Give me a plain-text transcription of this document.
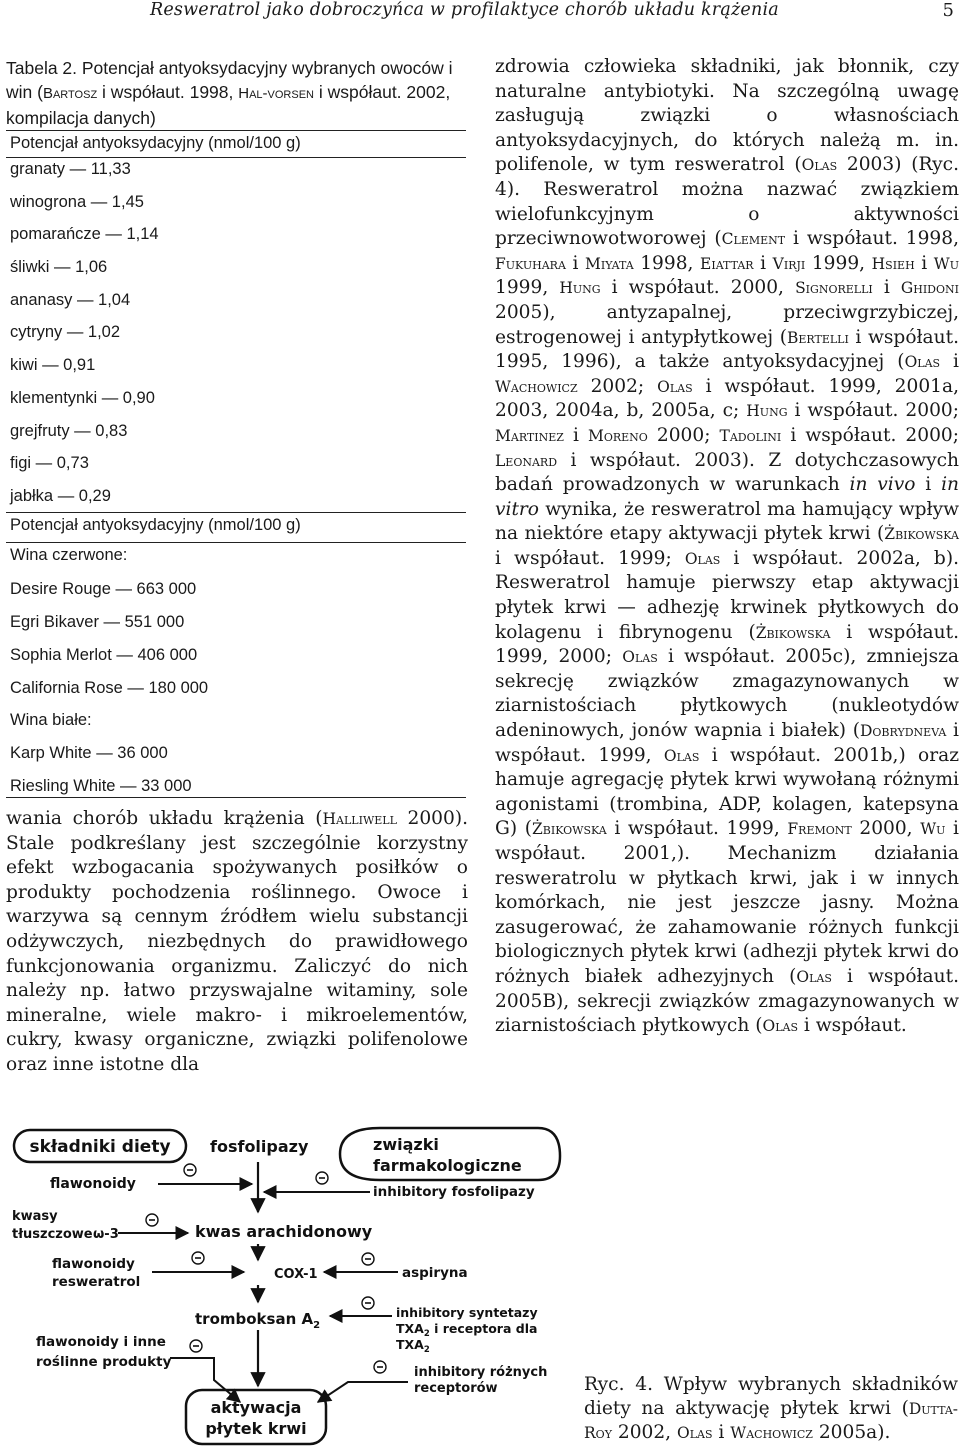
Resweratrol jako dobroczyńca w profilaktyce chorób układu krążenia	5
Tabela 2. Potencjał antyoksydacyjny wybranych owoców i win (Bartosz i współaut. 1998, Hal-vorsen i współaut. 2002, kompilacja danych)
Potencjał antyoksydacyjny (nmol/100 g)
granaty — 11,33
winogrona — 1,45
pomarańcze — 1,14
śliwki — 1,06
ananasy — 1,04
cytryny — 1,02
kiwi — 0,91
klementynki — 0,90
grejfruty — 0,83
figi — 0,73
jabłka — 0,29
Potencjał antyoksydacyjny (nmol/100 g)
Wina czerwone:
Desire Rouge — 663 000
Egri Bikaver — 551 000
Sophia Merlot — 406 000
California Rose — 180 000
Wina białe:
Karp White — 36 000
Riesling White — 33 000
wania chorób układu krążenia (Halliwell 2000). Stale podkreślany jest szczególnie korzystny efekt wzbogacania spożywanych posiłków o produkty pochodzenia roślinnego. Owoce i warzywa są cennym źródłem wielu substancji odżywczych, niezbędnych do prawidłowego funkcjonowania organizmu. Zaliczyć do nich należy np. łatwo przyswajalne witaminy, sole mineralne, wiele makro- i mikroelementów, cukry, kwasy organiczne, związki polifenolowe oraz inne istotne dla
zdrowia człowieka składniki, jak błonnik, czy naturalne antybiotyki. Na szczególną uwagę zasługują związki o własnościach antyoksydacyjnych, do których należą m. in. polifenole, w tym resweratrol (Olas 2003) (Ryc. 4). Resweratrol można nazwać związkiem wielofunkcyjnym o aktywności przeciwnowotworowej (Clement i współaut. 1998, Fukuhara i Miyata 1998, Eiattar i Virji 1999, Hsieh i Wu 1999, Hung i współaut. 2000, Signorelli i Ghidoni 2005), antyzapalnej, przeciwgrzybiczej, estrogenowej i antypłytkowej (Bertelli i współaut. 1995, 1996), a także antyoksydacyjnej (Olas i Wachowicz 2002; Olas i współaut. 1999, 2001a, 2003, 2004a, b, 2005a, c; Hung i współaut. 2000; Martinez i Moreno 2000; Tadolini i współaut. 2000; Leonard i współaut. 2003). Z dotychczasowych badań prowadzonych w warunkach in vivo i in vitro wynika, że resweratrol ma hamujący wpływ na niektóre etapy aktywacji płytek krwi (Żbikowska i współaut. 1999; Olas i współaut. 2002a, b). Resweratrol hamuje pierwszy etap aktywacji płytek krwi — adhezję krwinek płytkowych do kolagenu i fibrynogenu (Żbikowska i współaut. 1999, 2000; Olas i współaut. 2005c), zmniejsza sekrecję związków zmagazynowanych w ziarnistościach płytkowych (nukleotydów adeninowych, jonów wapnia i białek) (Dobrydneva i współaut. 1999, Olas i współaut. 2001b,) oraz hamuje agregację płytek krwi wywołaną różnymi agonistami (trombina, ADP, kolagen, katepsyna G) (Żbikowska i współaut. 1999, Fremont 2000, Wu i współaut. 2001,). Mechanizm działania resweratrolu w płytkach krwi, jak i w innych komórkach, nie jest jeszcze jasny. Można zasugerować, że zahamowanie różnych funkcji biologicznych płytek krwi (adhezji płytek krwi do różnych białek adhezyjnych (Olas i współaut. 2005B), sekrecji związków zmagazynowanych w ziarnistościach płytkowych (Olas i współaut.
składniki diety	związki
farmakologiczne
fosfolipazy
flawonoidy	inhibitory fosfolipazy
kwasy
tłuszczowe ω-3	kwas arachidonowy
flawonoidy
resweratrol	COX-1	aspiryna
tromboksan $A_2$
inhibitory syntetazy
$TXA_2$ i receptora dla
$TXA_2$
flawonoidy i inne
roślinne produkty
inhibitory różnych
receptorów
aktywacja
płytek krwi
Ryc. 4. Wpływ wybranych składników diety na aktywację płytek krwi (Dutta-Roy 2002, Olas i Wachowicz 2005a).
